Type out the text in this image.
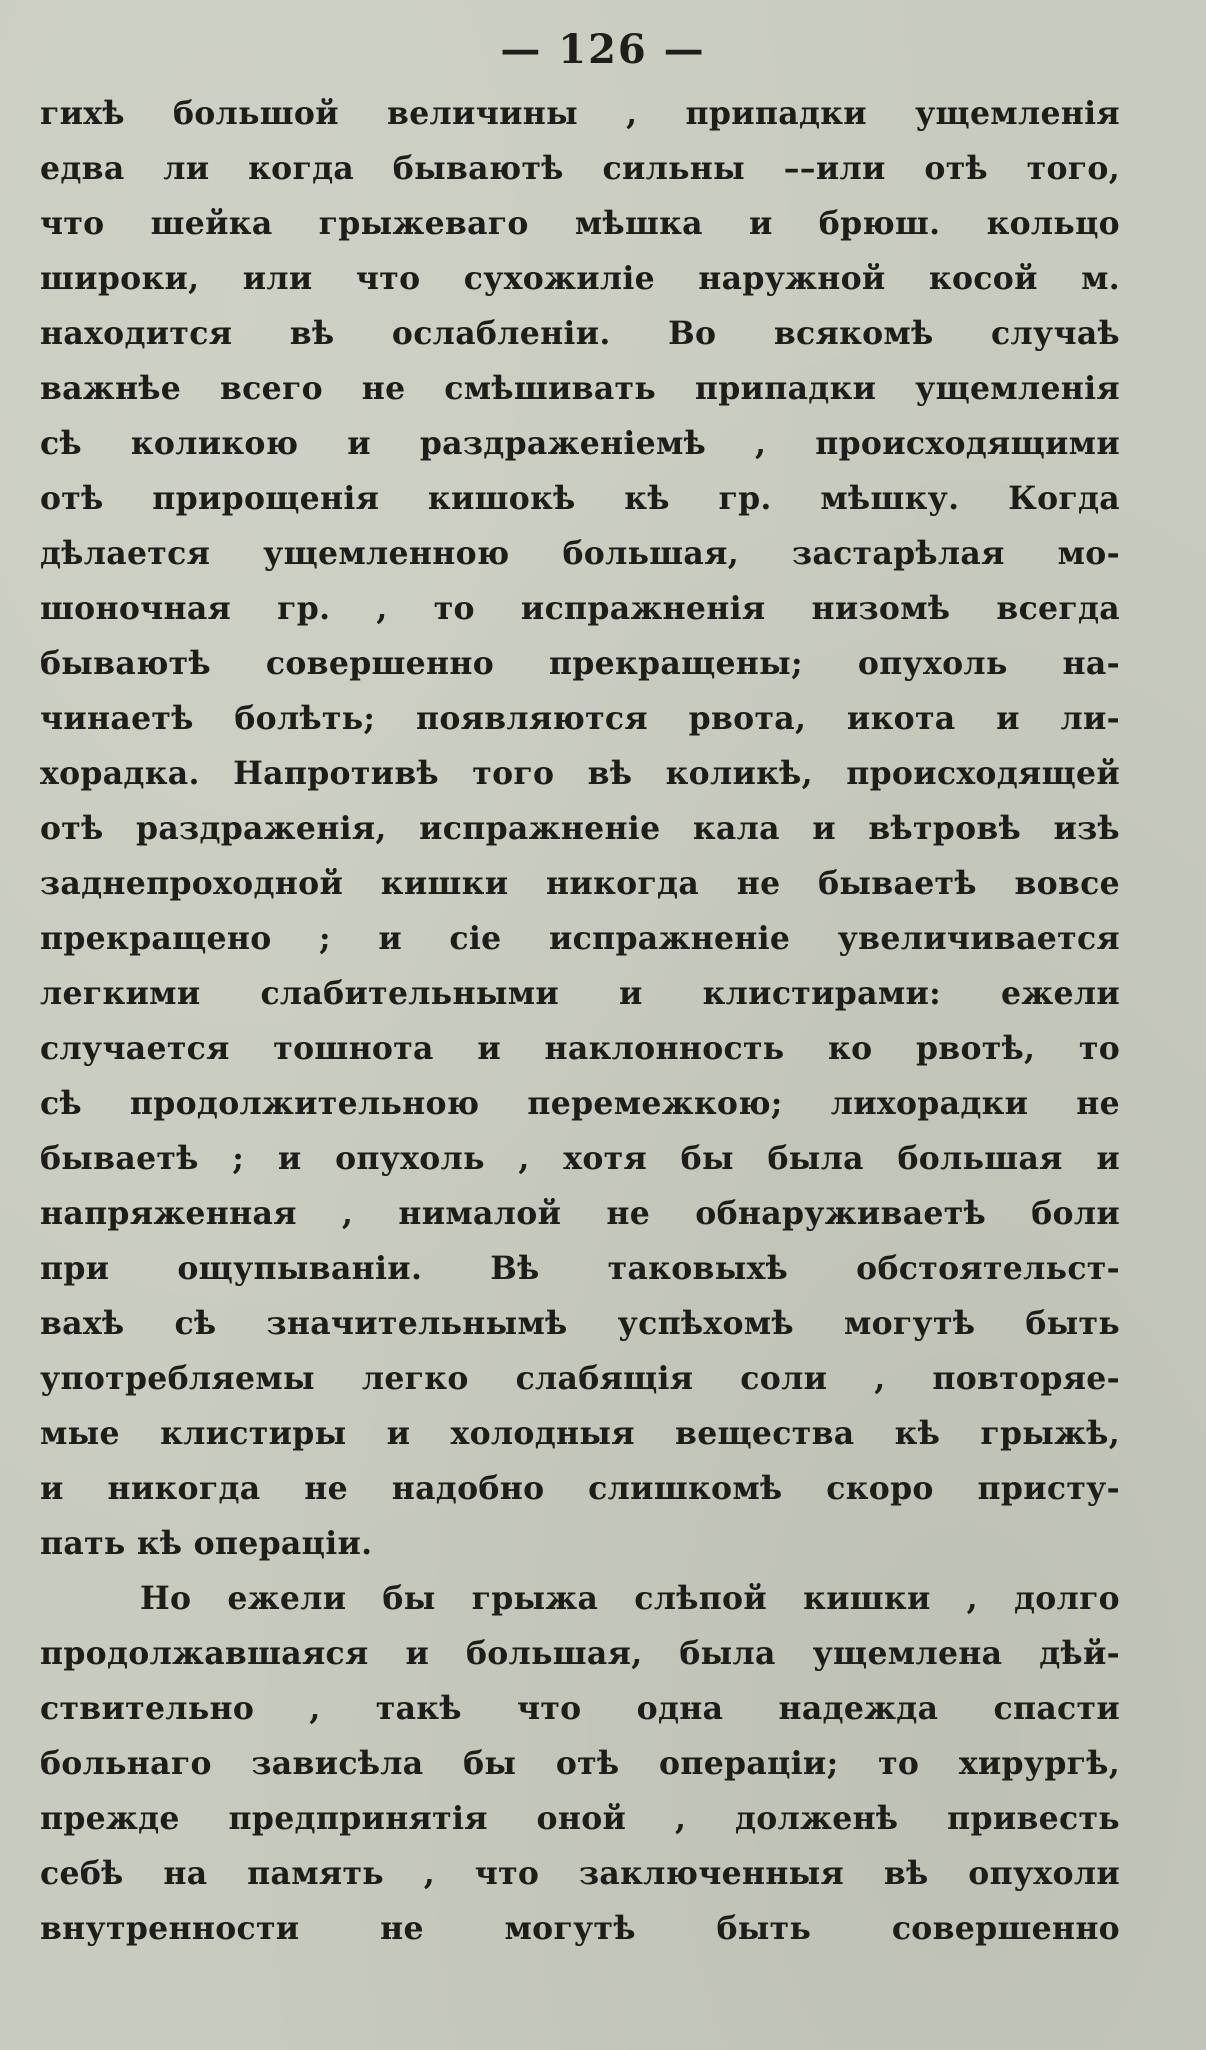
— 126 —
гихѣ большой величины , припадки ущемленія
едва ли когда бываютѣ сильны ––или отѣ того,
что шейка грыжеваго мѣшка и брюш. кольцо
широки, или что сухожиліе наружной косой м.
находится вѣ ослабленіи. Во всякомѣ случаѣ
важнѣе всего не смѣшивать припадки ущемленія
сѣ коликою и раздраженіемѣ , происходящими
отѣ прирощенія кишокѣ кѣ гр. мѣшку. Когда
дѣлается ущемленною большая, застарѣлая мо-
шоночная гр. , то испражненія низомѣ всегда
бываютѣ совершенно прекращены; опухоль на-
чинаетѣ болѣть; появляются рвота, икота и ли-
хорадка. Напротивѣ того вѣ коликѣ, происходящей
отѣ раздраженія, испражненіе кала и вѣтровѣ изѣ
заднепроходной кишки никогда не бываетѣ вовсе
прекращено ; и сіе испражненіе увеличивается
легкими слабительными и клистирами: ежели
случается тошнота и наклонность ко рвотѣ, то
сѣ продолжительною перемежкою; лихорадки не
бываетѣ ; и опухоль , хотя бы была большая и
напряженная , нималой не обнаруживаетѣ боли
при ощупываніи. Вѣ таковыхѣ обстоятельст-
вахѣ сѣ значительнымѣ успѣхомѣ могутѣ быть
употребляемы легко слабящія соли , повторяе-
мые клистиры и холодныя вещества кѣ грыжѣ,
и никогда не надобно слишкомѣ скоро присту-
пать кѣ операціи.
Но ежели бы грыжа слѣпой кишки , долго
продолжавшаяся и большая, была ущемлена дѣй-
ствительно , такѣ что одна надежда спасти
больнаго зависѣла бы отѣ операціи; то хирургѣ,
прежде предпринятія оной , долженѣ привесть
себѣ на память , что заключенныя вѣ опухоли
внутренности не могутѣ быть совершенно
